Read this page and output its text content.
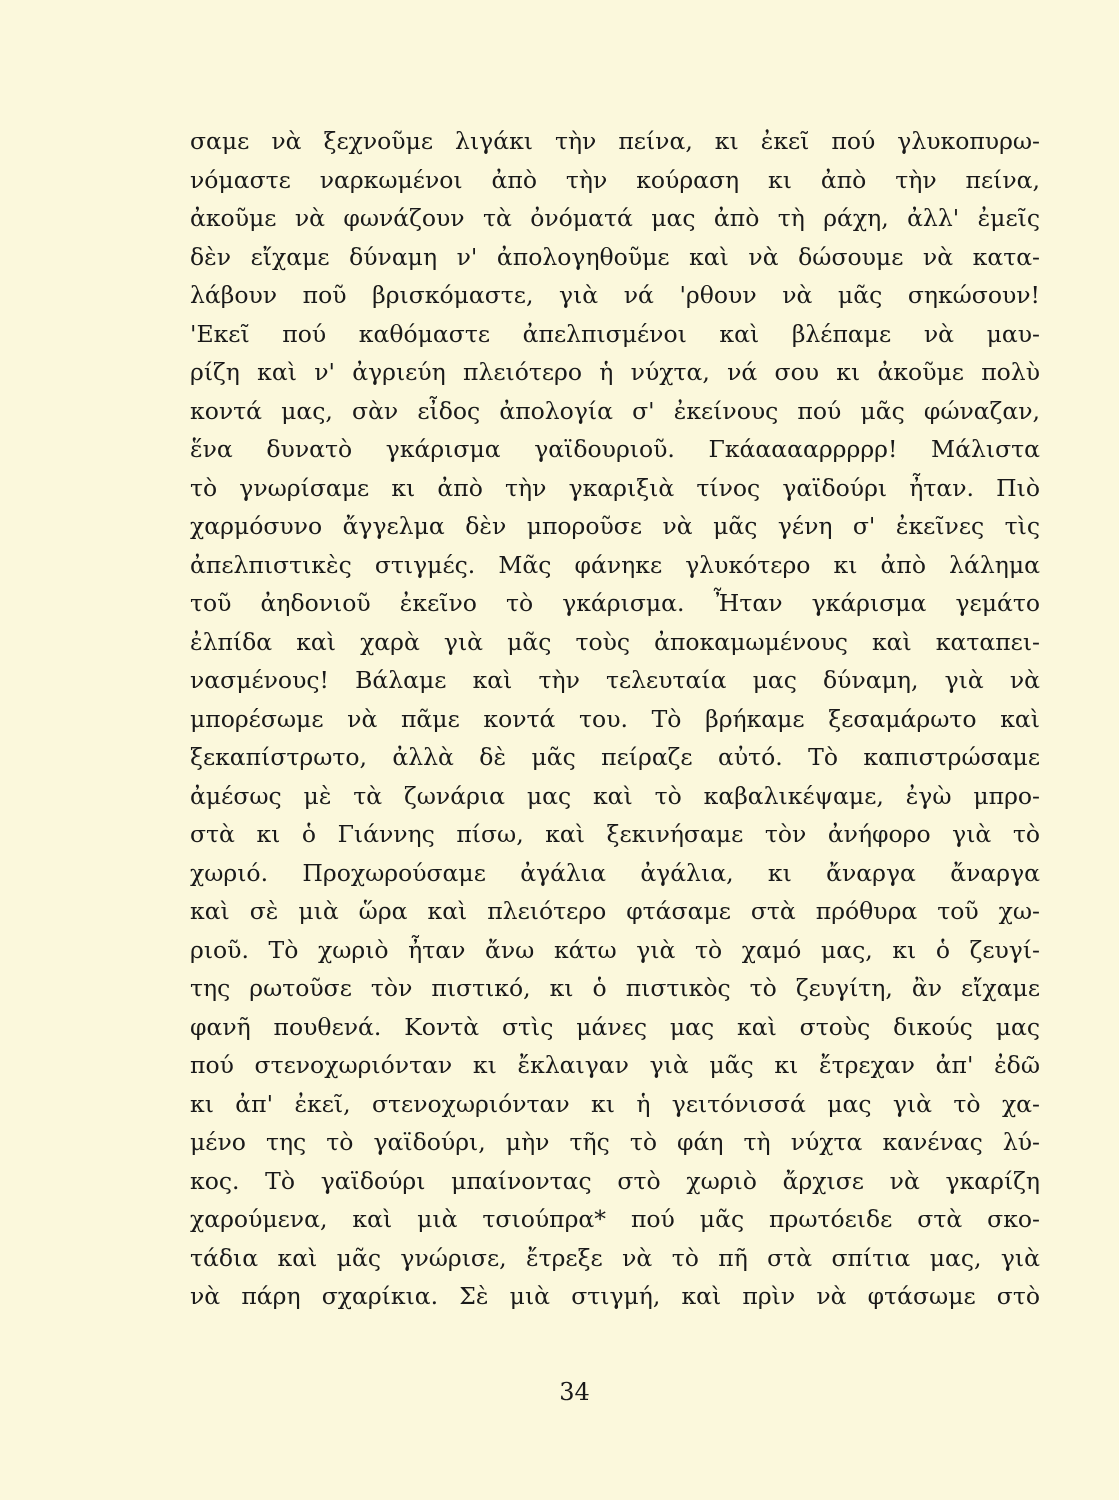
σαμε νὰ ξεχνοῦμε λιγάκι τὴν πείνα, κι ἐκεῖ πού γλυκοπυρω-
νόμαστε ναρκωμένοι ἀπὸ τὴν κούραση κι ἀπὸ τὴν πείνα,
ἀκοῦμε νὰ φωνάζουν τὰ ὀνόματά μας ἀπὸ τὴ ράχη, ἀλλ' ἐμεῖς
δὲν εἴχαμε δύναμη ν' ἀπολογηθοῦμε καὶ νὰ δώσουμε νὰ κατα-
λάβουν ποῦ βρισκόμαστε, γιὰ νά 'ρθουν νὰ μᾶς σηκώσουν!
'Εκεῖ πού καθόμαστε ἀπελπισμένοι καὶ βλέπαμε νὰ μαυ-
ρίζη καὶ ν' ἀγριεύη πλειότερο ἡ νύχτα, νά σου κι ἀκοῦμε πολὺ
κοντά μας, σὰν εἶδος ἀπολογία σ' ἐκείνους πού μᾶς φώναζαν,
ἕνα δυνατὸ γκάρισμα γαϊδουριοῦ. Γκάααααρρρρρ! Μάλιστα
τὸ γνωρίσαμε κι ἀπὸ τὴν γκαριξιὰ τίνος γαϊδούρι ἦταν. Πιὸ
χαρμόσυνο ἄγγελμα δὲν μποροῦσε νὰ μᾶς γένη σ' ἐκεῖνες τὶς
ἀπελπιστικὲς στιγμές. Μᾶς φάνηκε γλυκότερο κι ἀπὸ λάλημα
τοῦ ἀηδονιοῦ ἐκεῖνο τὸ γκάρισμα. Ἦταν γκάρισμα γεμάτο
ἐλπίδα καὶ χαρὰ γιὰ μᾶς τοὺς ἀποκαμωμένους καὶ καταπει-
νασμένους! Βάλαμε καὶ τὴν τελευταία μας δύναμη, γιὰ νὰ
μπορέσωμε νὰ πᾶμε κοντά του. Τὸ βρήκαμε ξεσαμάρωτο καὶ
ξεκαπίστρωτο, ἀλλὰ δὲ μᾶς πείραζε αὐτό. Τὸ καπιστρώσαμε
ἀμέσως μὲ τὰ ζωνάρια μας καὶ τὸ καβαλικέψαμε, ἐγὼ μπρο-
στὰ κι ὁ Γιάννης πίσω, καὶ ξεκινήσαμε τὸν ἀνήφορο γιὰ τὸ
χωριό. Προχωρούσαμε ἀγάλια ἀγάλια, κι ἄναργα ἄναργα
καὶ σὲ μιὰ ὥρα καὶ πλειότερο φτάσαμε στὰ πρόθυρα τοῦ χω-
ριοῦ. Τὸ χωριὸ ἦταν ἄνω κάτω γιὰ τὸ χαμό μας, κι ὁ ζευγί-
της ρωτοῦσε τὸν πιστικό, κι ὁ πιστικὸς τὸ ζευγίτη, ἂν εἴχαμε
φανῆ πουθενά. Κοντὰ στὶς μάνες μας καὶ στοὺς δικούς μας
πού στενοχωριόνταν κι ἔκλαιγαν γιὰ μᾶς κι ἔτρεχαν ἀπ' ἐδῶ
κι ἀπ' ἐκεῖ, στενοχωριόνταν κι ἡ γειτόνισσά μας γιὰ τὸ χα-
μένο της τὸ γαϊδούρι, μὴν τῆς τὸ φάη τὴ νύχτα κανένας λύ-
κος. Τὸ γαϊδούρι μπαίνοντας στὸ χωριὸ ἄρχισε νὰ γκαρίζη
χαρούμενα, καὶ μιὰ τσιούπρα* πού μᾶς πρωτόειδε στὰ σκο-
τάδια καὶ μᾶς γνώρισε, ἔτρεξε νὰ τὸ πῆ στὰ σπίτια μας, γιὰ
νὰ πάρη σχαρίκια. Σὲ μιὰ στιγμή, καὶ πρὶν νὰ φτάσωμε στὸ
34
